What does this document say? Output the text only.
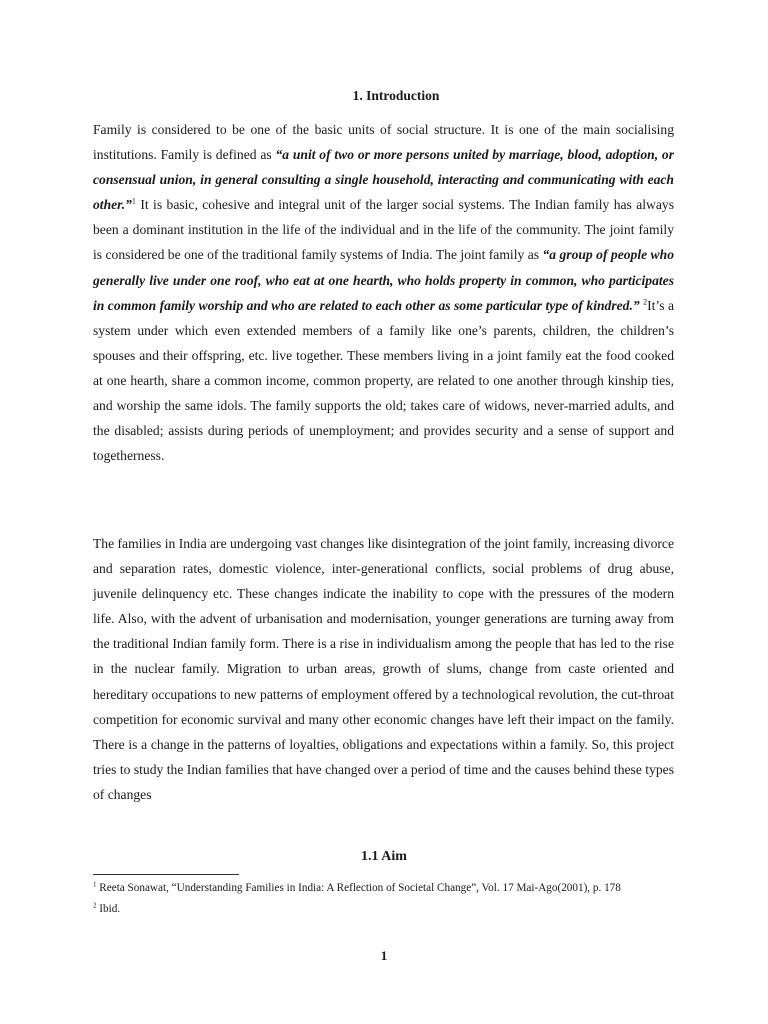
1. Introduction

Family is considered to be one of the basic units of social structure. It is one of the main socialising institutions. Family is defined as “a unit of two or more persons united by marriage, blood, adoption, or consensual union, in general consulting a single household, interacting and communicating with each other.”$^1$ It is basic, cohesive and integral unit of the larger social systems. The Indian family has always been a dominant institution in the life of the individual and in the life of the community. The joint family is considered be one of the traditional family systems of India. The joint family as “a group of people who generally live under one roof, who eat at one hearth, who holds property in common, who participates in common family worship and who are related to each other as some particular type of kindred.” $^2$It’s a system under which even extended members of a family like one’s parents, children, the children’s spouses and their offspring, etc. live together. These members living in a joint family eat the food cooked at one hearth, share a common income, common property, are related to one another through kinship ties, and worship the same idols. The family supports the old; takes care of widows, never-married adults, and the disabled; assists during periods of unemployment; and provides security and a sense of support and togetherness.

The families in India are undergoing vast changes like disintegration of the joint family, increasing divorce and separation rates, domestic violence, inter-generational conflicts, social problems of drug abuse, juvenile delinquency etc. These changes indicate the inability to cope with the pressures of the modern life. Also, with the advent of urbanisation and modernisation, younger generations are turning away from the traditional Indian family form. There is a rise in individualism among the people that has led to the rise in the nuclear family. Migration to urban areas, growth of slums, change from caste oriented and hereditary occupations to new patterns of employment offered by a technological revolution, the cut-throat competition for economic survival and many other economic changes have left their impact on the family. There is a change in the patterns of loyalties, obligations and expectations within a family. So, this project tries to study the Indian families that have changed over a period of time and the causes behind these types of changes

1.1 Aim
$^1$ Reeta Sonawat, “Understanding Families in India: A Reflection of Societal Change”, Vol. 17 Mai-Ago(2001), p. 178
$^2$ Ibid.
1
